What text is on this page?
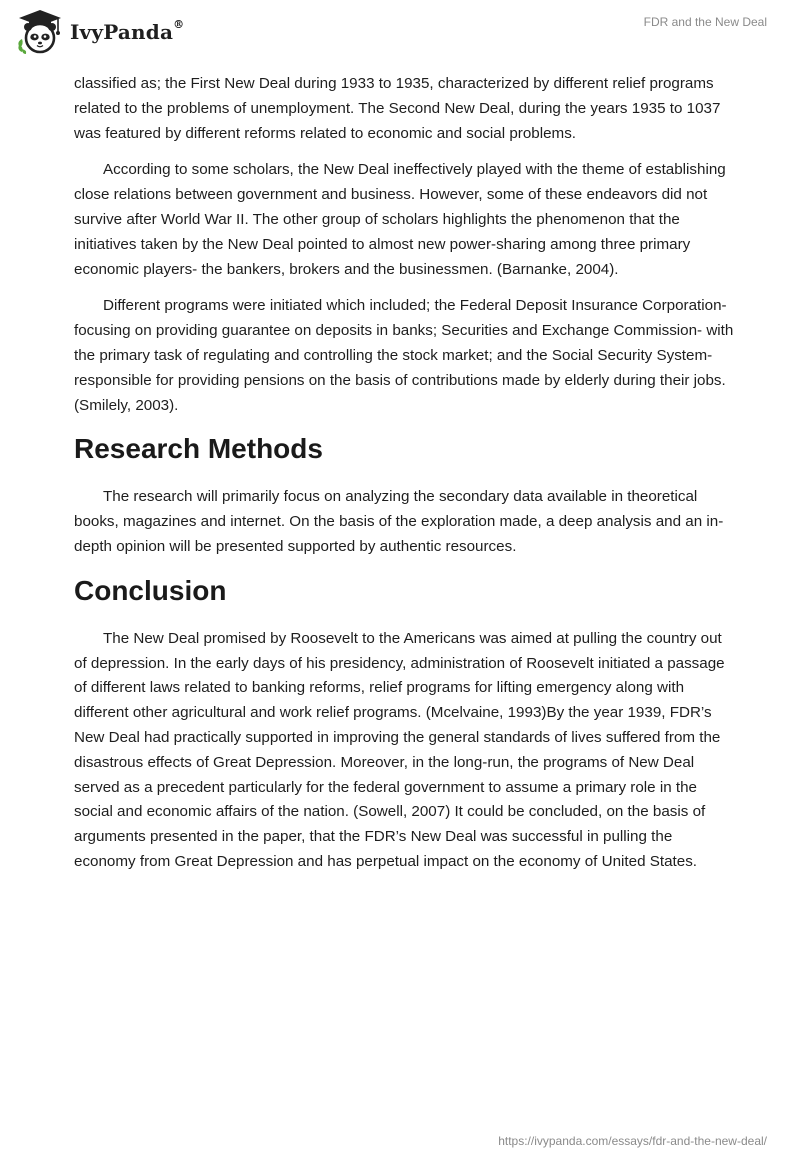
IvyPanda®	FDR and the New Deal

classified as; the First New Deal during 1933 to 1935, characterized by different relief programs related to the problems of unemployment. The Second New Deal, during the years 1935 to 1037 was featured by different reforms related to economic and social problems.

According to some scholars, the New Deal ineffectively played with the theme of establishing close relations between government and business. However, some of these endeavors did not survive after World War II. The other group of scholars highlights the phenomenon that the initiatives taken by the New Deal pointed to almost new power-sharing among three primary economic players- the bankers, brokers and the businessmen. (Barnanke, 2004).

Different programs were initiated which included; the Federal Deposit Insurance Corporation- focusing on providing guarantee on deposits in banks; Securities and Exchange Commission- with the primary task of regulating and controlling the stock market; and the Social Security System- responsible for providing pensions on the basis of contributions made by elderly during their jobs. (Smilely, 2003).

Research Methods

The research will primarily focus on analyzing the secondary data available in theoretical books, magazines and internet. On the basis of the exploration made, a deep analysis and an in-depth opinion will be presented supported by authentic resources.

Conclusion

The New Deal promised by Roosevelt to the Americans was aimed at pulling the country out of depression. In the early days of his presidency, administration of Roosevelt initiated a passage of different laws related to banking reforms, relief programs for lifting emergency along with different other agricultural and work relief programs. (Mcelvaine, 1993)By the year 1939, FDR’s New Deal had practically supported in improving the general standards of lives suffered from the disastrous effects of Great Depression. Moreover, in the long-run, the programs of New Deal served as a precedent particularly for the federal government to assume a primary role in the social and economic affairs of the nation. (Sowell, 2007) It could be concluded, on the basis of arguments presented in the paper, that the FDR’s New Deal was successful in pulling the economy from Great Depression and has perpetual impact on the economy of United States.

https://ivypanda.com/essays/fdr-and-the-new-deal/
